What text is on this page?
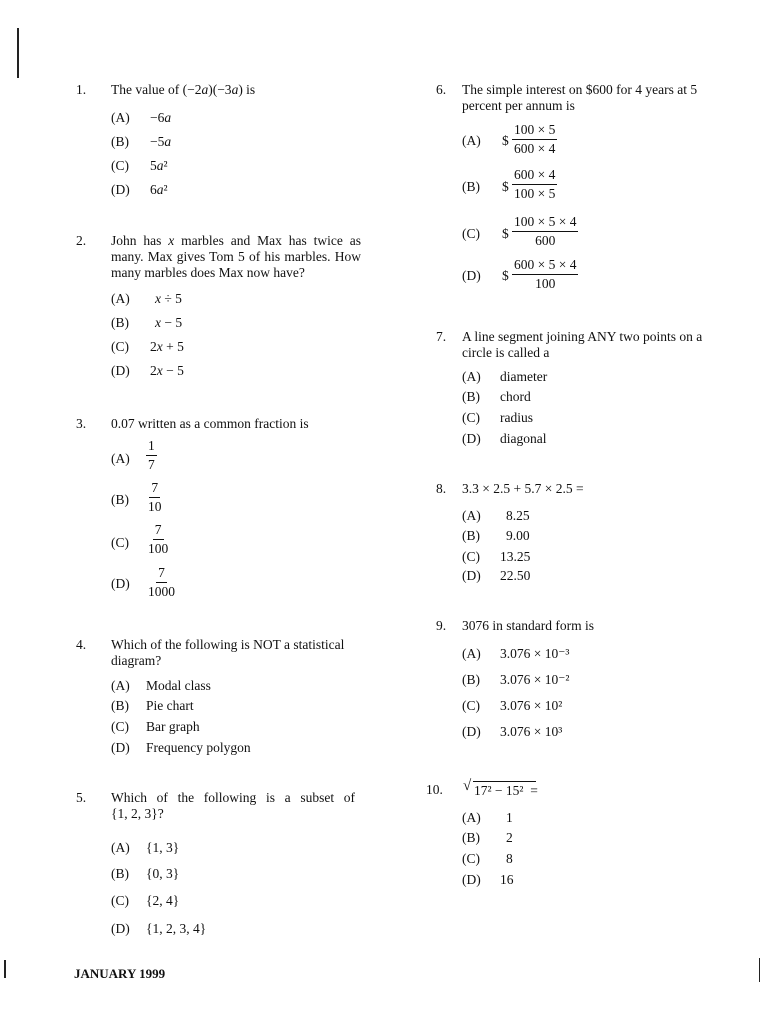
1. The value of (−2a)(−3a) is
(A) −6a
(B) −5a
(C) 5a²
(D) 6a²
2. John has x marbles and Max has twice as many. Max gives Tom 5 of his marbles. How many marbles does Max now have?
(A) x ÷ 5
(B) x − 5
(C) 2x + 5
(D) 2x − 5
3. 0.07 written as a common fraction is
$(A) \frac{1}{7}$
$(B) \frac{7}{10}$
$(C) \frac{7}{100}$
$(D) \frac{7}{1000}$
4. Which of the following is NOT a statistical diagram?
(A) Modal class
(B) Pie chart
(C) Bar graph
(D) Frequency polygon
5. Which of the following is a subset of
{1, 2, 3}?
(A) {1, 3}
(B) {0, 3}
(C) {2, 4}
(D) {1, 2, 3, 4}
6. The simple interest on $600 for 4 years at 5 percent per annum is
(A) $ $\frac{100 \times 5}{600 \times 4}$
(B) $ $\frac{600 \times 4}{100 \times 5}$
(C) $ $\frac{100 \times 5 \times 4}{600}$
(D) $ $\frac{600 \times 5 \times 4}{100}$
7. A line segment joining ANY two points on a circle is called a
(A) diameter
(B) chord
(C) radius
(D) diagonal
8. 3.3 × 2.5 + 5.7 × 2.5 =
(A) 8.25
(B) 9.00
(C) 13.25
(D) 22.50
9. 3076 in standard form is
(A) 3.076 × 10⁻³
(B) 3.076 × 10⁻²
(C) 3.076 × 10²
(D) 3.076 × 10³
10. √ 17² − 15²  =
(A) 1
(B) 2
(C) 8
(D) 16
JANUARY 1999
